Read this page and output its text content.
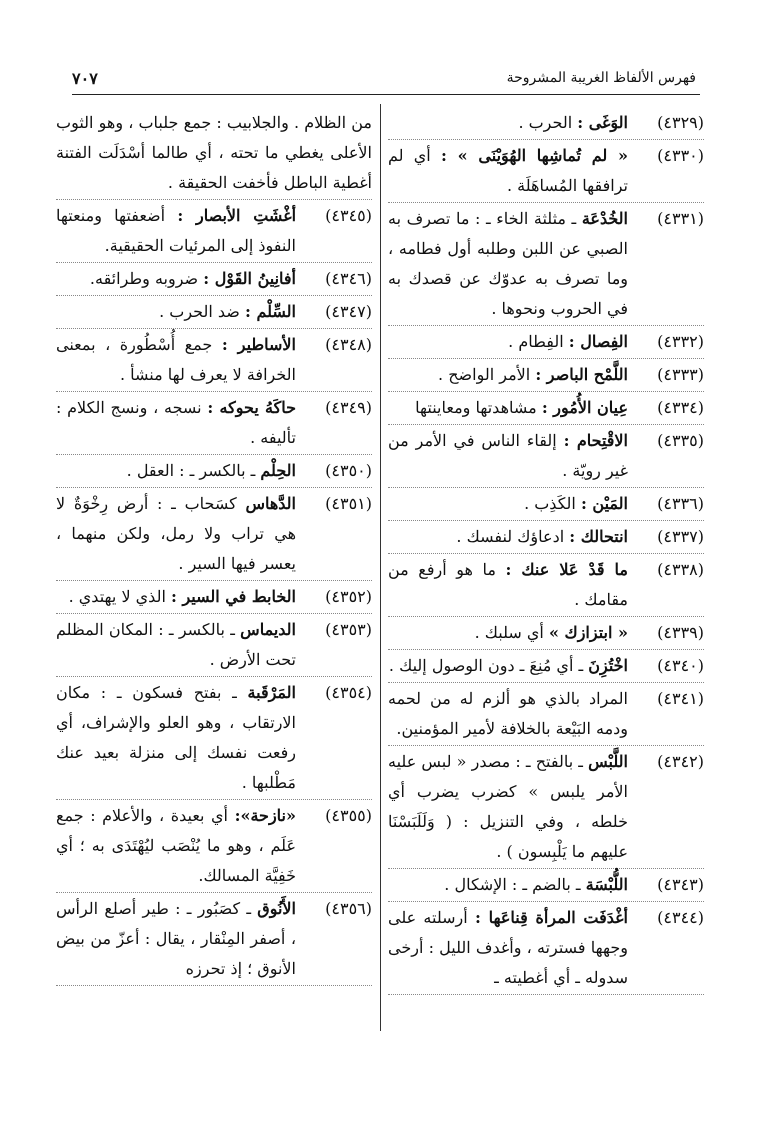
٧٠٧	فهرس الألفاظ الغريبة المشروحة
(٤٣٢٩)
الوَغَى : الحرب .
(٤٣٣٠)
« لم تُماشِها الهُوَيْنَى » : أي لم ترافقها المُساهَلَة .
(٤٣٣١)
الخُدْعَة ـ مثلثة الخاء ـ : ما تصرف به الصبي عن اللبن وطلبه أول فطامه ، وما تصرف به عدوّك عن قصدك به في الحروب ونحوها .
(٤٣٣٢)
الفِصال : الفِطام .
(٤٣٣٣)
اللَّمْح الباصر : الأمر الواضح .
(٤٣٣٤)
عِيان الأُمُور : مشاهدتها ومعاينتها
(٤٣٣٥)
الاقْتِحام : إلقاء الناس في الأمر من غير رويّة .
(٤٣٣٦)
المَيْن : الكَذِب .
(٤٣٣٧)
انتحالك : ادعاؤك لنفسك .
(٤٣٣٨)
ما قَدْ عَلا عنك : ما هو أرفع من مقامك .
(٤٣٣٩)
« ابتزازك » أي سلبك .
(٤٣٤٠)
اخْتُزِنَ ـ أي مُنِعَ ـ دون الوصول إليك .
(٤٣٤١)
المراد بالذي هو ألزم له من لحمه ودمه البَيْعة بالخلافة لأمير المؤمنين.
(٤٣٤٢)
اللَّبْس ـ بالفتح ـ : مصدر « لبس عليه الأمر يلبس » كضرب يضرب أي خلطه ، وفي التنزيل : ( وَلَلَبَسْنَا عليهم ما يَلْبِسون ) .
(٤٣٤٣)
اللُّبْسَة ـ بالضم ـ : الإشكال .
(٤٣٤٤)
أغْدَفَت المرأة قِناعَها : أرسلته على وجهها فسترته ، وأغدف الليل : أرخى سدوله ـ أي أغطيته ـ
من الظلام . والجلابيب : جمع جلباب ، وهو الثوب الأعلى يغطي ما تحته ، أي طالما أسْدَلَت الفتنة أغطية الباطل فأخفت الحقيقة .
(٤٣٤٥)
أغْشَتِ الأبصار : أضعفتها ومنعتها النفوذ إلى المرئيات الحقيقية.
(٤٣٤٦)
أفانِينُ القَوْل : ضروبه وطرائقه.
(٤٣٤٧)
السِّلْم : ضد الحرب .
(٤٣٤٨)
الأساطير : جمع أُسْطُورة ، بمعنى الخرافة لا يعرف لها منشأ .
(٤٣٤٩)
حاكَهُ يحوكه : نسجه ، ونسج الكلام : تأليفه .
(٤٣٥٠)
الحِلْم ـ بالكسر ـ : العقل .
(٤٣٥١)
الدَّهاس كسَحاب ـ : أرض رِخْوَةٌ لا هي تراب ولا رمل، ولكن منهما ، يعسر فيها السير .
(٤٣٥٢)
الخابط في السير : الذي لا يهتدي .
(٤٣٥٣)
الديماس ـ بالكسر ـ : المكان المظلم تحت الأرض .
(٤٣٥٤)
المَرْقَبة ـ بفتح فسكون ـ : مكان الارتقاب ، وهو العلو والإشراف، أي رفعت نفسك إلى منزلة بعيد عنك مَطْلبها .
(٤٣٥٥)
«نازحة»: أي بعيدة ، والأعلام : جمع عَلَم ، وهو ما يُنْصَب ليُهْتَدَى به ؛ أي خَفِيَّة المسالك.
(٤٣٥٦)
الأَنُوق ـ كصَبُور ـ : طير أصلع الرأس ، أصفر المِنْقار ، يقال : أعزّ من بيض الأنوق ؛ إذ تحرزه
